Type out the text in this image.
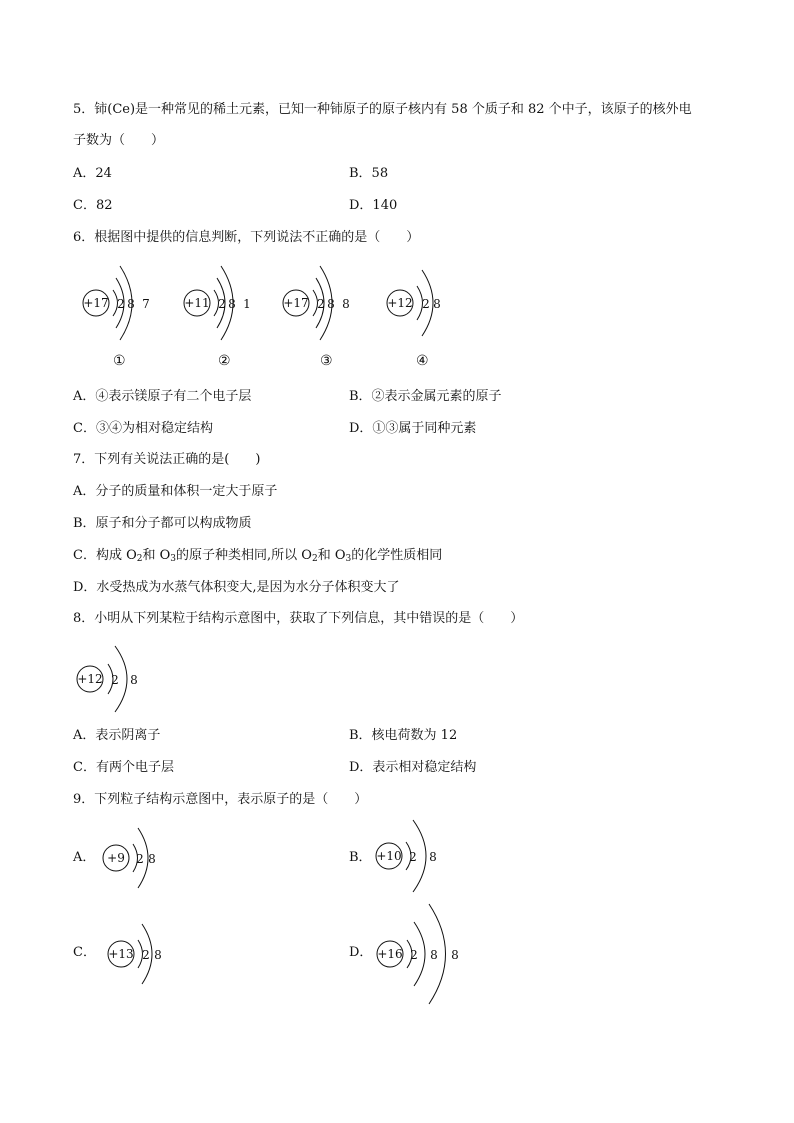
5．铈(Ce)是一种常见的稀土元素，已知一种铈原子的原子核内有 58 个质子和 82 个中子，该原子的核外电
子数为（　　）
A．24	B．58
C．82	D．140
6．根据图中提供的信息判断，下列说法不正确的是（　　）
+17 2 8 7
①
+11 2 8 1
②
+17 2 8 8
③
+12 2 8
④
A．④表示镁原子有二个电子层	B．②表示金属元素的原子
C．③④为相对稳定结构	D．①③属于同种元素
7．下列有关说法正确的是(　　)
A．分子的质量和体积一定大于原子
B．原子和分子都可以构成物质
C．构成 $O_2$和 $O_3$的原子种类相同,所以 $O_2$和 $O_3$的化学性质相同
D．水受热成为水蒸气体积变大,是因为水分子体积变大了
8．小明从下列某粒于结构示意图中，获取了下列信息，其中错误的是（　　）
+12 2 8
A．表示阴离子	B．核电荷数为 12
C．有两个电子层	D．表示相对稳定结构
9．下列粒子结构示意图中，表示原子的是（　　）
A． +9 2 8	B． +10 2 8
C． +13 2 8	D． +16 2 8 8
